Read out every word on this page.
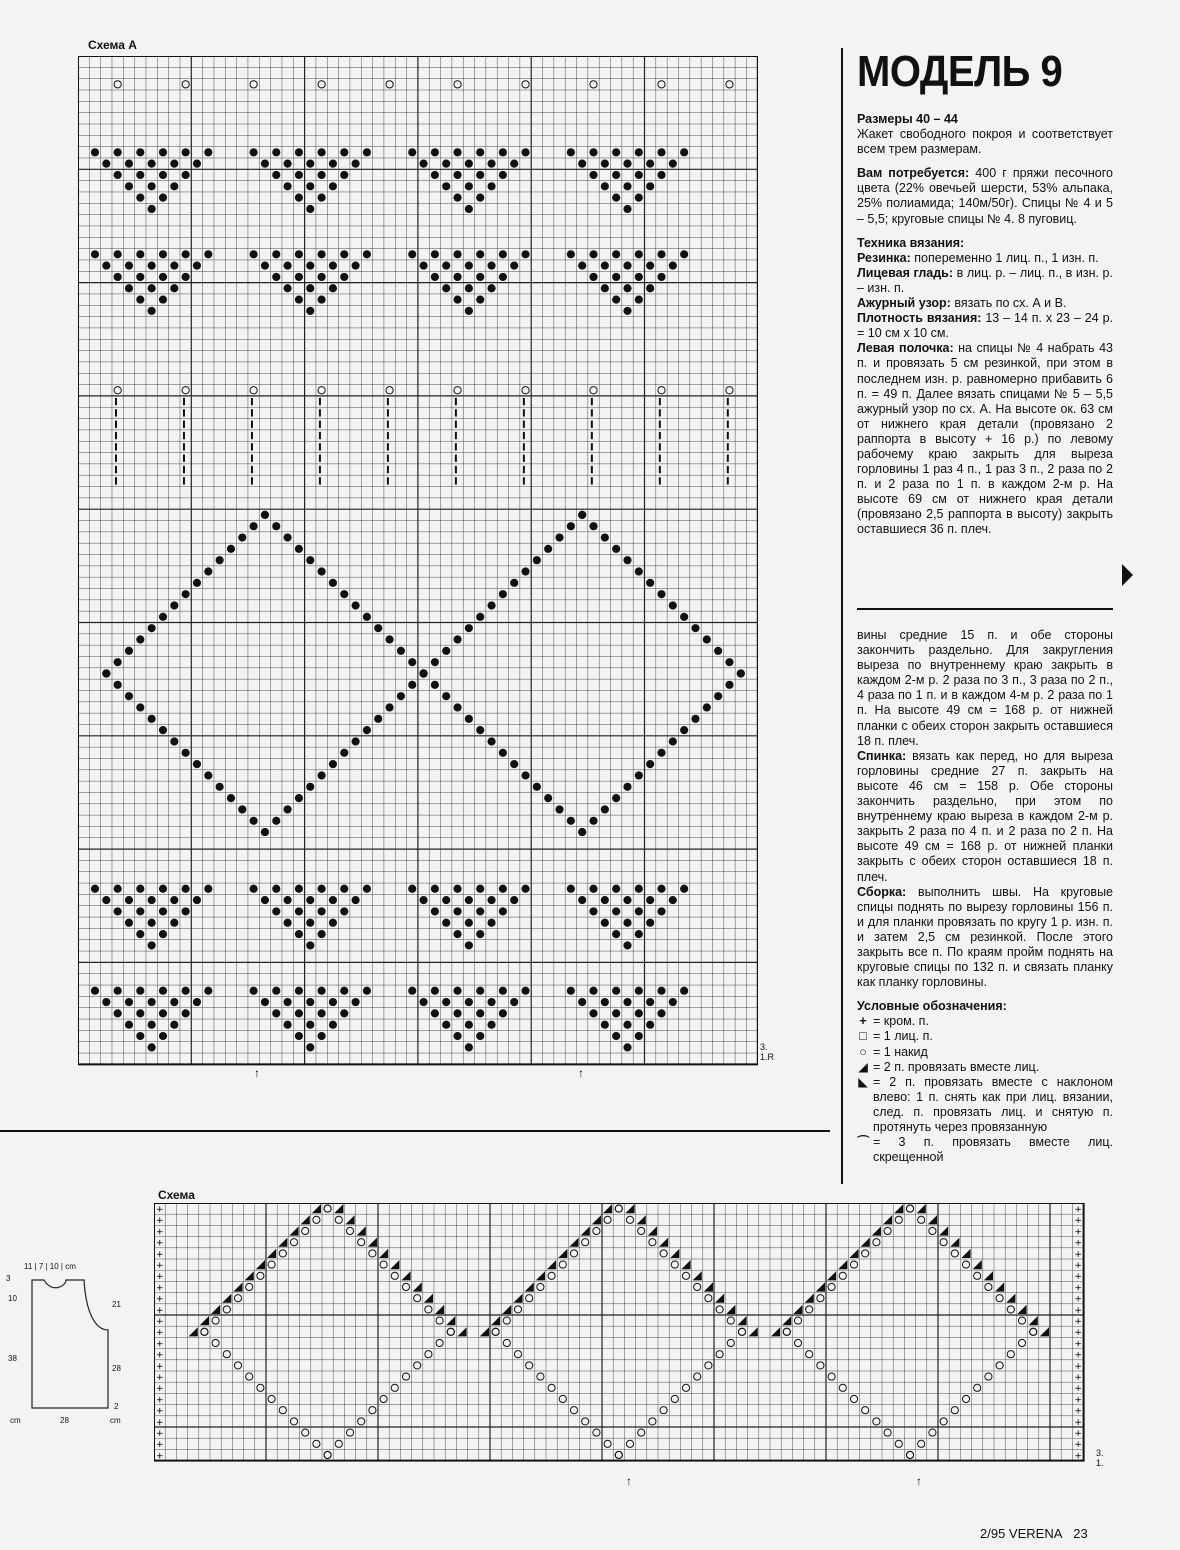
Схема А
3.
1.R
↑	↑
МОДЕЛЬ 9

Размеры 40 – 44
Жакет свободного покроя и соответствует всем трем размерам.

Вам потребуется: 400 г пряжи песочного цвета (22% овечьей шерсти, 53% альпака, 25% полиамида; 140м/50г). Спицы № 4 и 5 – 5,5; круговые спицы № 4. 8 пуговиц.

Техника вязания:

Резинка: попеременно 1 лиц. п., 1 изн. п.

Лицевая гладь: в лиц. р. – лиц. п., в изн. р. – изн. п.

Ажурный узор: вязать по сх. А и В.

Плотность вязания: 13 – 14 п. х 23 – 24 р. = 10 см х 10 см.

Левая полочка: на спицы № 4 набрать 43 п. и провязать 5 см резинкой, при этом в последнем изн. р. равномерно прибавить 6 п. = 49 п. Далее вязать спицами № 5 – 5,5 ажурный узор по сх. А. На высоте ок. 63 см от нижнего края детали (провязано 2 раппорта в высоту + 16 р.) по левому рабочему краю закрыть для выреза горловины 1 раз 4 п., 1 раз 3 п., 2 раза по 2 п. и 2 раза по 1 п. в каждом 2-м р. На высоте 69 см от нижнего края детали (провязано 2,5 раппорта в высоту) закрыть оставшиеся 36 п. плеч.

вины средние 15 п. и обе стороны закончить раздельно. Для закругления выреза по внутреннему краю закрыть в каждом 2-м р. 2 раза по 3 п., 3 раза по 2 п., 4 раза по 1 п. и в каждом 4-м р. 2 раза по 1 п. На высоте 49 см = 168 р. от нижней планки с обеих сторон закрыть оставшиеся 18 п. плеч.

Спинка: вязать как перед, но для выреза горловины средние 27 п. закрыть на высоте 46 см = 158 р. Обе стороны закончить раздельно, при этом по внутреннему краю выреза в каждом 2-м р. закрыть 2 раза по 4 п. и 2 раза по 2 п. На высоте 49 см = 168 р. от нижней планки закрыть с обеих сторон оставшиеся 18 п. плеч.

Сборка: выполнить швы. На круговые спицы поднять по вырезу горловины 156 п. и для планки провязать по кругу 1 р. изн. п. и затем 2,5 см резинкой. После этого закрыть все п. По краям пройм поднять на круговые спицы по 132 п. и связать планку как планку горловины.

Условные обозначения:

+ = кром. п.
□ = 1 лиц. п.
○ = 1 накид
◢ = 2 п. провязать вместе лиц.
◣ = 2 п. провязать вместе с наклоном влево: 1 п. снять как при лиц. вязании, след. п. провязать лиц. и снятую п. протянуть через провязанную
⌒ = 3 п. провязать вместе лиц. скрещенной
Схема
+	+
+	+
+	+
+	+
+	+
+	+
+	+
+	+
+	+
+	+
+	+
+	+
+	+
+	+
+	+
+	+
+	+
+	+
+	+
+	+
+	+
+	+
+	+ 3.
1.
↑	↑
11 | 7 | 10 | cm
3
10
38
21
28
2
cm	28	cm
2/95 VERENA 23
